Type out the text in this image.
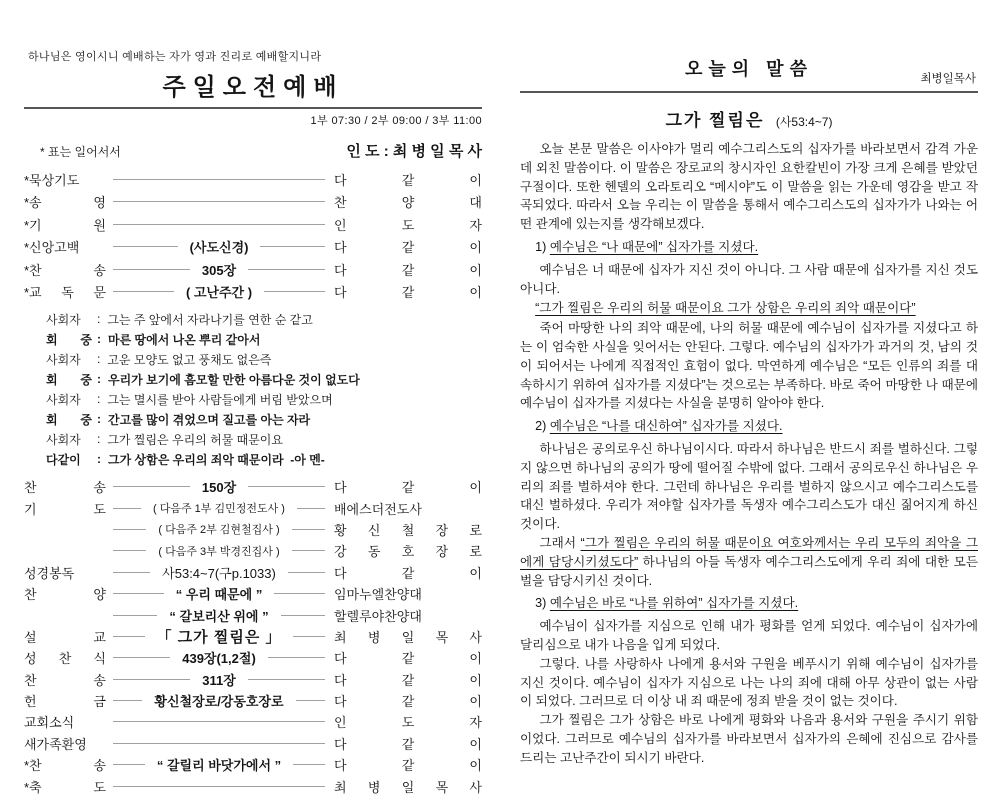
하나님은 영이시니 예배하는 자가 영과 진리로 예배할지니라
주일오전예배
1부 07:30 / 2부 09:00 / 3부 11:00
* 표는 일어서서	인 도 : 최 병 일 목 사
*묵상기도	다 같 이
*송 영	찬 양 대
*기 원	인 도 자
*신앙고백	(사도신경)	다 같 이
*찬 송	305장	다 같 이
*교 독 문	( 고난주간 )	다 같 이
사회자	: 그는 주 앞에서 자라나기를 연한 순 같고
회 중 : 마른 땅에서 나온 뿌리 같아서
사회자	: 고운 모양도 없고 풍채도 없은즉
회 중 : 우리가 보기에 흠모할 만한 아름다운 것이 없도다
사회자	: 그는 멸시를 받아 사람들에게 버림 받았으며
회 중 : 간고를 많이 겪었으며 질고를 아는 자라
사회자	: 그가 찔림은 우리의 허물 때문이요
다같이	: 그가 상함은 우리의 죄악 때문이라  -아 멘-
찬 송	150장	다 같 이
기 도	( 다음주 1부 김민정전도사 )	배에스더전도사
( 다음주 2부 김현철집사 )	황 신 철 장 로
( 다음주 3부 박경진집사 )	강 동 호 장 로
성경봉독	사53:4~7(구p.1033)	다 같 이
찬 양	“ 우리 때문에 ”	임마누엘찬양대
“ 갈보리산 위에 ”	할렐루야찬양대
설 교	「 그가 찔림은 」	최 병 일 목 사
성 찬 식	439장(1,2절)	다 같 이
찬 송	311장	다 같 이
헌 금	황신철장로/강동호장로	다 같 이
교회소식	인 도 자
새가족환영	다 같 이
*찬 송	“ 갈릴리 바닷가에서 ”	다 같 이
*축 도	최 병 일 목 사
오늘의 말씀	최병일목사
그가 찔림은 (사53:4~7)

오늘 본문 말씀은 이사야가 멀리 예수그리스도의 십자가를 바라보면서 감격 가운데 외친 말씀이다. 이 말씀은 장로교의 창시자인 요한칼빈이 가장 크게 은혜를 받았던 구절이다. 또한 헨델의 오라토리오 “메시야”도 이 말씀을 읽는 가운데 영감을 받고 작곡되었다. 따라서 오늘 우리는 이 말씀을 통해서 예수그리스도의 십자가가 나와는 어떤 관계에 있는지를 생각해보겠다.

1) 예수님은 “나 때문에” 십자가를 지셨다.

예수님은 너 때문에 십자가 지신 것이 아니다. 그 사람 때문에 십자가를 지신 것도 아니다.

“그가 찔림은 우리의 허물 때문이요 그가 상함은 우리의 죄악 때문이다”

죽어 마땅한 나의 죄악 때문에, 나의 허물 때문에 예수님이 십자가를 지셨다고 하는 이 엄숙한 사실을 잊어서는 안된다. 그렇다. 예수님의 십자가가 과거의 것, 남의 것이 되어서는 나에게 직접적인 효험이 없다. 막연하게 예수님은 “모든 인류의 죄를 대속하시기 위하여 십자가를 지셨다”는 것으로는 부족하다. 바로 죽어 마땅한 나 때문에 예수님이 십자가를 지셨다는 사실을 분명히 알아야 한다.

2) 예수님은 “나를 대신하여” 십자가를 지셨다.

하나님은 공의로우신 하나님이시다. 따라서 하나님은 반드시 죄를 벌하신다. 그렇지 않으면 하나님의 공의가 땅에 떨어질 수밖에 없다. 그래서 공의로우신 하나님은 우리의 죄를 벌하셔야 한다. 그런데 하나님은 우리를 벌하지 않으시고 예수그리스도를 대신 벌하셨다. 우리가 져야할 십자가를 독생자 예수그리스도가 대신 짊어지게 하신 것이다.

그래서 “그가 찔림은 우리의 허물 때문이요 여호와께서는 우리 모두의 죄악을 그에게 담당시키셨도다” 하나님의 아들 독생자 예수그리스도에게 우리 죄에 대한 모든 벌을 담당시키신 것이다.

3) 예수님은 바로 “나를 위하여” 십자가를 지셨다.

예수님이 십자가를 지심으로 인해 내가 평화를 얻게 되었다. 예수님이 십자가에 달리심으로 내가 나음을 입게 되었다.

그렇다. 나를 사랑하사 나에게 용서와 구원을 베푸시기 위해 예수님이 십자가를 지신 것이다. 예수님이 십자가 지심으로 나는 나의 죄에 대해 아무 상관이 없는 사람이 되었다. 그러므로 더 이상 내 죄 때문에 정죄 받을 것이 없는 것이다.

그가 찔림은 그가 상함은 바로 나에게 평화와 나음과 용서와 구원을 주시기 위함이었다. 그러므로 예수님의 십자가를 바라보면서 십자가의 은혜에 진심으로 감사를 드리는 고난주간이 되시기 바란다.
